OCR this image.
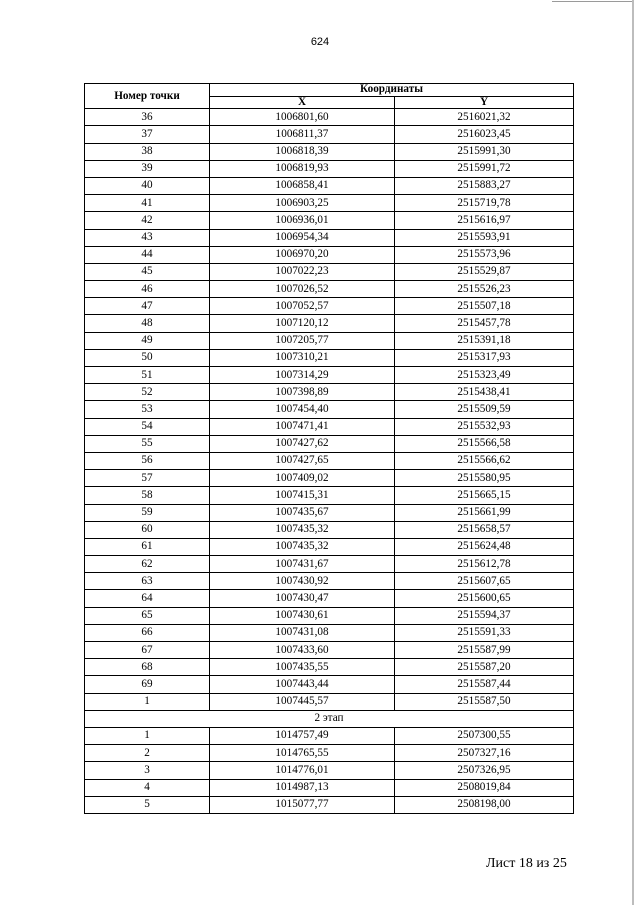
624
Номер точки	Координаты	
	X	Y
36	1006801,60	2516021,32
37	1006811,37	2516023,45
38	1006818,39	2515991,30
39	1006819,93	2515991,72
40	1006858,41	2515883,27
41	1006903,25	2515719,78
42	1006936,01	2515616,97
43	1006954,34	2515593,91
44	1006970,20	2515573,96
45	1007022,23	2515529,87
46	1007026,52	2515526,23
47	1007052,57	2515507,18
48	1007120,12	2515457,78
49	1007205,77	2515391,18
50	1007310,21	2515317,93
51	1007314,29	2515323,49
52	1007398,89	2515438,41
53	1007454,40	2515509,59
54	1007471,41	2515532,93
55	1007427,62	2515566,58
56	1007427,65	2515566,62
57	1007409,02	2515580,95
58	1007415,31	2515665,15
59	1007435,67	2515661,99
60	1007435,32	2515658,57
61	1007435,32	2515624,48
62	1007431,67	2515612,78
63	1007430,92	2515607,65
64	1007430,47	2515600,65
65	1007430,61	2515594,37
66	1007431,08	2515591,33
67	1007433,60	2515587,99
68	1007435,55	2515587,20
69	1007443,44	2515587,44
1	1007445,57	2515587,50
2 этап		
1	1014757,49	2507300,55
2	1014765,55	2507327,16
3	1014776,01	2507326,95
4	1014987,13	2508019,84
5	1015077,77	2508198,00
Лист 18 из 25
